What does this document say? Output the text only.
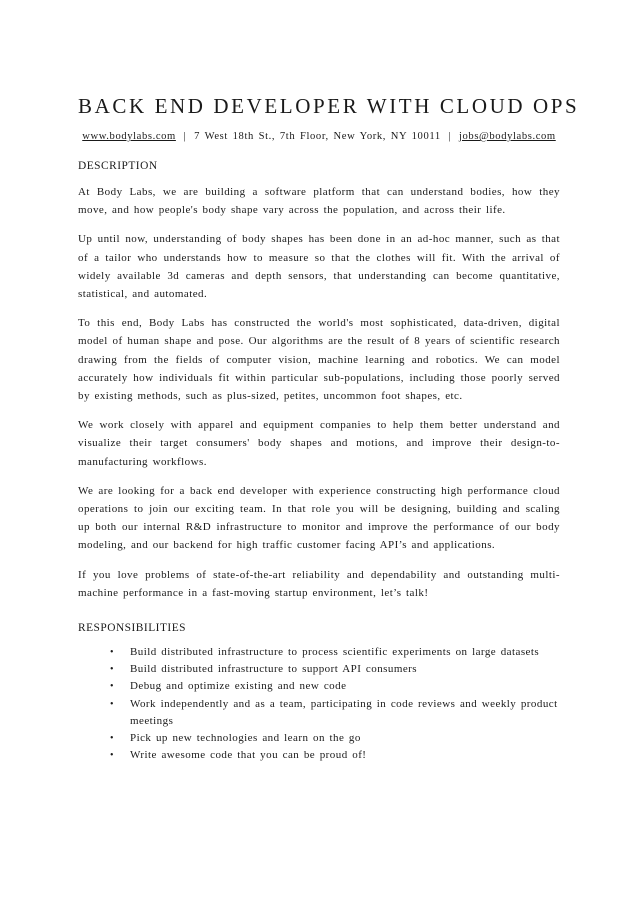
BACK END DEVELOPER WITH CLOUD OPS
www.bodylabs.com | 7 West 18th St., 7th Floor, New York, NY 10011 | jobs@bodylabs.com
DESCRIPTION

At Body Labs, we are building a software platform that can understand bodies, how they move, and how people's body shape vary across the population, and across their life.

Up until now, understanding of body shapes has been done in an ad-hoc manner, such as that of a tailor who understands how to measure so that the clothes will fit. With the arrival of widely available 3d cameras and depth sensors, that understanding can become quantitative, statistical, and automated.

To this end, Body Labs has constructed the world's most sophisticated, data-driven, digital model of human shape and pose. Our algorithms are the result of 8 years of scientific research drawing from the fields of computer vision, machine learning and robotics. We can model accurately how individuals fit within particular sub-populations, including those poorly served by existing methods, such as plus-sized, petites, uncommon foot shapes, etc.

We work closely with apparel and equipment companies to help them better understand and visualize their target consumers' body shapes and motions, and improve their design-to-manufacturing workflows.

We are looking for a back end developer with experience constructing high performance cloud operations to join our exciting team. In that role you will be designing, building and scaling up both our internal R&D infrastructure to monitor and improve the performance of our body modeling, and our backend for high traffic customer facing API’s and applications.

If you love problems of state-of-the-art reliability and dependability and outstanding multi-machine performance in a fast-moving startup environment, let’s talk!

RESPONSIBILITIES
• Build distributed infrastructure to process scientific experiments on large datasets
• Build distributed infrastructure to support API consumers
• Debug and optimize existing and new code
• Work independently and as a team, participating in code reviews and weekly product meetings
• Pick up new technologies and learn on the go
• Write awesome code that you can be proud of!
